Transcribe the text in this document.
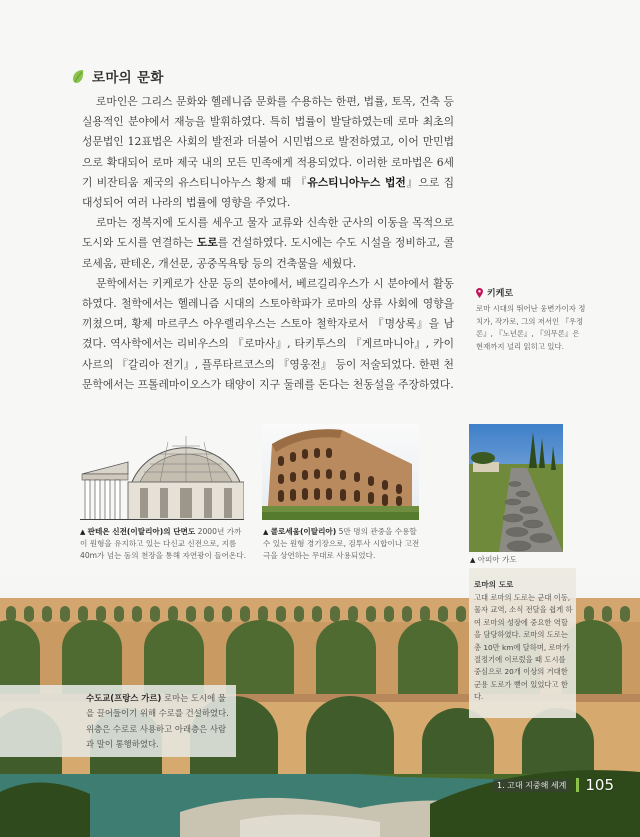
로마의 문화

로마인은 그리스 문화와 헬레니즘 문화를 수용하는 한편, 법률, 토목, 건축 등 실용적인 분야에서 재능을 발휘하였다. 특히 법률이 발달하였는데 로마 최초의 성문법인 12표법은 사회의 발전과 더불어 시민법으로 발전하였고, 이어 만민법으로 확대되어 로마 제국 내의 모든 민족에게 적용되었다. 이러한 로마법은 6세기 비잔티움 제국의 유스티니아누스 황제 때 『유스티니아누스 법전』으로 집대성되어 여러 나라의 법률에 영향을 주었다.

로마는 정복지에 도시를 세우고 물자 교류와 신속한 군사의 이동을 목적으로 도시와 도시를 연결하는 도로를 건설하였다. 도시에는 수도 시설을 정비하고, 콜로세움, 판테온, 개선문, 공중목욕탕 등의 건축물을 세웠다.

문학에서는 키케로가 산문 등의 분야에서, 베르길리우스가 시 분야에서 활동하였다. 철학에서는 헬레니즘 시대의 스토아학파가 로마의 상류 사회에 영향을 끼쳤으며, 황제 마르쿠스 아우렐리우스는 스토아 철학자로서 『명상록』을 남겼다. 역사학에서는 리비우스의 『로마사』, 타키투스의 『게르마니아』, 카이사르의 『갈리아 전기』, 플루타르코스의 『영웅전』 등이 저술되었다. 한편 천문학에서는 프톨레마이오스가 태양이 지구 둘레를 돈다는 천동설을 주장하였다.

키케로
로마 시대의 뛰어난 웅변가이자 정치가, 작가로, 그의 저서인 『우정론』, 『노년론』, 『의무론』은 현재까지 널리 읽히고 있다.
▲ 판테온 신전(이탈리아)의 단면도 2000년 가까이 원형을 유지하고 있는 다신교 신전으로, 지름 40m가 넘는 돔의 천장을 통해 자연광이 들어온다.
▲ 콜로세움(이탈리아) 5만 명의 관중을 수용할 수 있는 원형 경기장으로, 검투사 시합이나 고전극을 상연하는 무대로 사용되었다.	▲ 아피아 가도
수도교(프랑스 가르) 로마는 도시에 물을 끌어들이기 위해 수로를 건설하였다. 위층은 수로로 사용하고 아래층은 사람과 말이 통행하였다.
로마의 도로
고대 로마의 도로는 군대 이동, 물자 교역, 소식 전달을 쉽게 하여 로마의 성장에 중요한 역할을 담당하였다. 로마의 도로는 총 10만 km에 달하며, 로마가 절정기에 이르렀을 때 도시를 중심으로 20개 이상의 거대한 군용 도로가 뻗어 있었다고 한다.
1. 고대 지중해 세계 105
